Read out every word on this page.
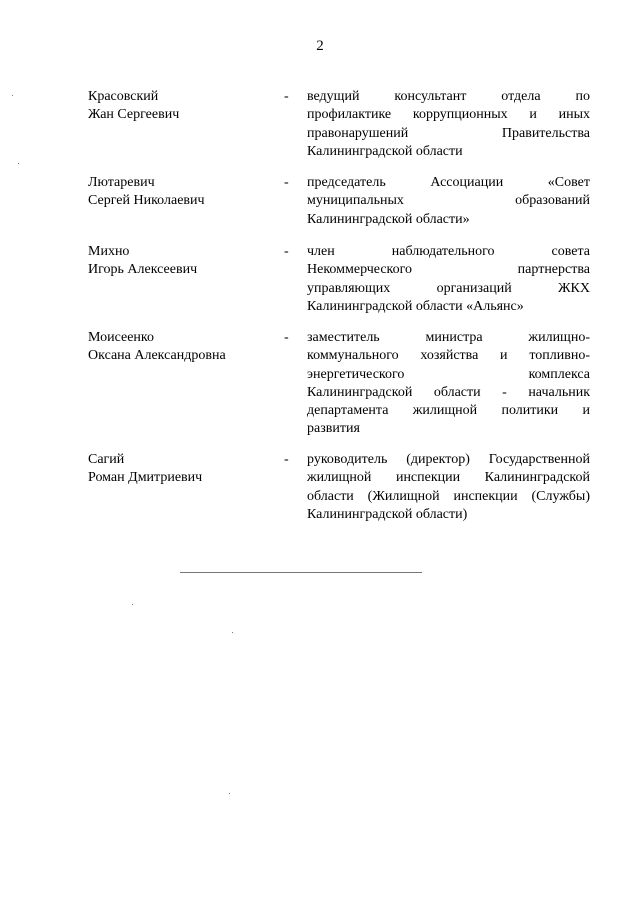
2
Красовский
Жан Сергеевич
-	ведущий консультант отдела по
профилактике коррупционных и иных
правонарушений Правительства
Калининградской области
Лютаревич
Сергей Николаевич
-	председатель Ассоциации «Совет
муниципальных образований
Калининградской области»
Михно
Игорь Алексеевич
-	член наблюдательного совета
Некоммерческого партнерства
управляющих организаций ЖКХ
Калининградской области «Альянс»
Моисеенко
Оксана Александровна
-	заместитель министра жилищно-
коммунального хозяйства и топливно-
энергетического комплекса
Калининградской области - начальник
департамента жилищной политики и
развития
Сагий
Роман Дмитриевич
-	руководитель (директор) Государственной
жилищной инспекции Калининградской
области (Жилищной инспекции (Службы)
Калининградской области)
